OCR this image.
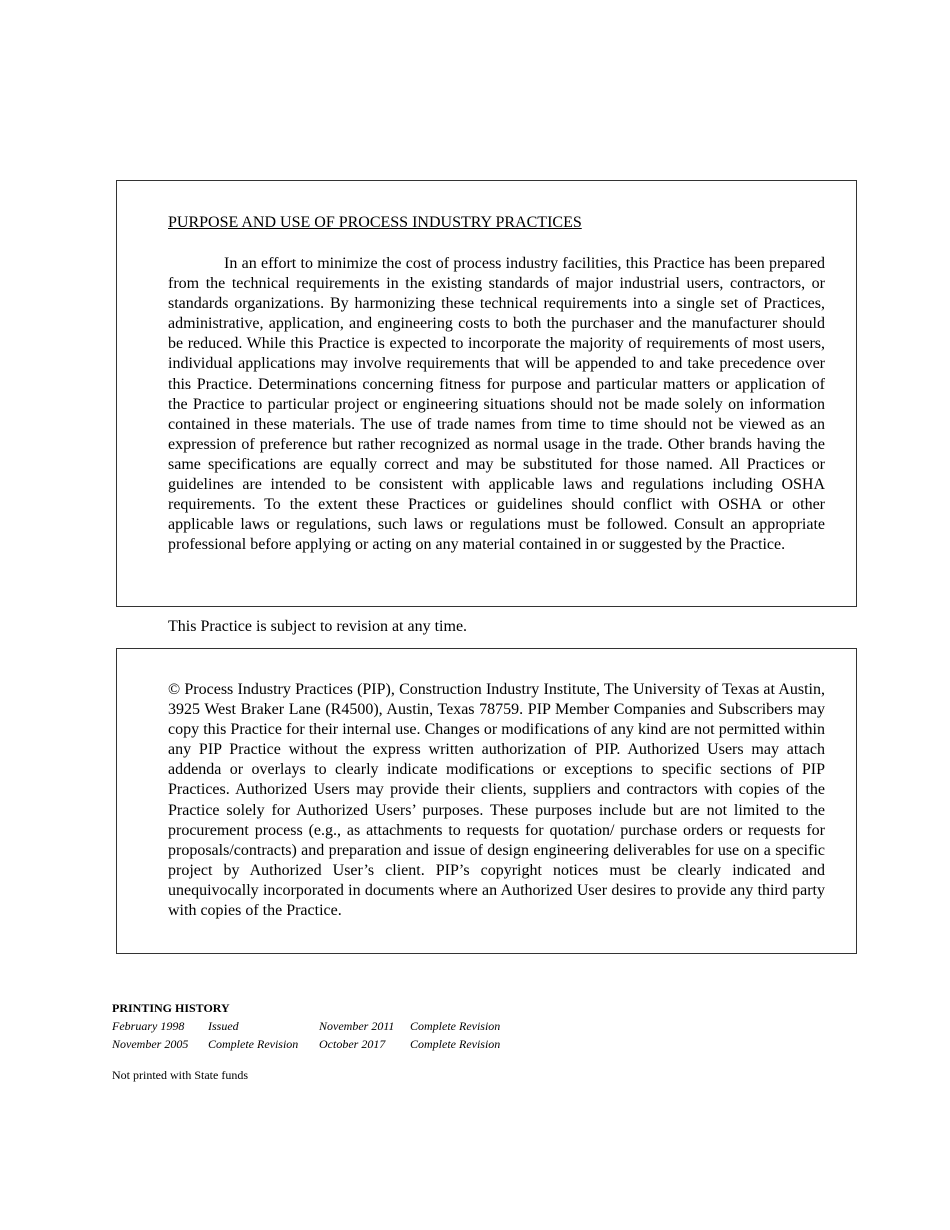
PURPOSE AND USE OF PROCESS INDUSTRY PRACTICES

In an effort to minimize the cost of process industry facilities, this Practice has been prepared from the technical requirements in the existing standards of major industrial users, contractors, or standards organizations. By harmonizing these technical requirements into a single set of Practices, administrative, application, and engineering costs to both the purchaser and the manufacturer should be reduced. While this Practice is expected to incorporate the majority of requirements of most users, individual applications may involve requirements that will be appended to and take precedence over this Practice. Determinations concerning fitness for purpose and particular matters or application of the Practice to particular project or engineering situations should not be made solely on information contained in these materials. The use of trade names from time to time should not be viewed as an expression of preference but rather recognized as normal usage in the trade. Other brands having the same specifications are equally correct and may be substituted for those named. All Practices or guidelines are intended to be consistent with applicable laws and regulations including OSHA requirements. To the extent these Practices or guidelines should conflict with OSHA or other applicable laws or regulations, such laws or regulations must be followed. Consult an appropriate professional before applying or acting on any material contained in or suggested by the Practice.

This Practice is subject to revision at any time.

© Process Industry Practices (PIP), Construction Industry Institute, The University of Texas at Austin, 3925 West Braker Lane (R4500), Austin, Texas 78759. PIP Member Companies and Subscribers may copy this Practice for their internal use. Changes or modifications of any kind are not permitted within any PIP Practice without the express written authorization of PIP. Authorized Users may attach addenda or overlays to clearly indicate modifications or exceptions to specific sections of PIP Practices. Authorized Users may provide their clients, suppliers and contractors with copies of the Practice solely for Authorized Users’ purposes. These purposes include but are not limited to the procurement process (e.g., as attachments to requests for quotation/ purchase orders or requests for proposals/contracts) and preparation and issue of design engineering deliverables for use on a specific project by Authorized User’s client. PIP’s copyright notices must be clearly indicated and unequivocally incorporated in documents where an Authorized User desires to provide any third party with copies of the Practice.

PRINTING HISTORY
February 1998 Issued	November 2011 Complete Revision
November 2005 Complete Revision October 2017 Complete Revision
Not printed with State funds
